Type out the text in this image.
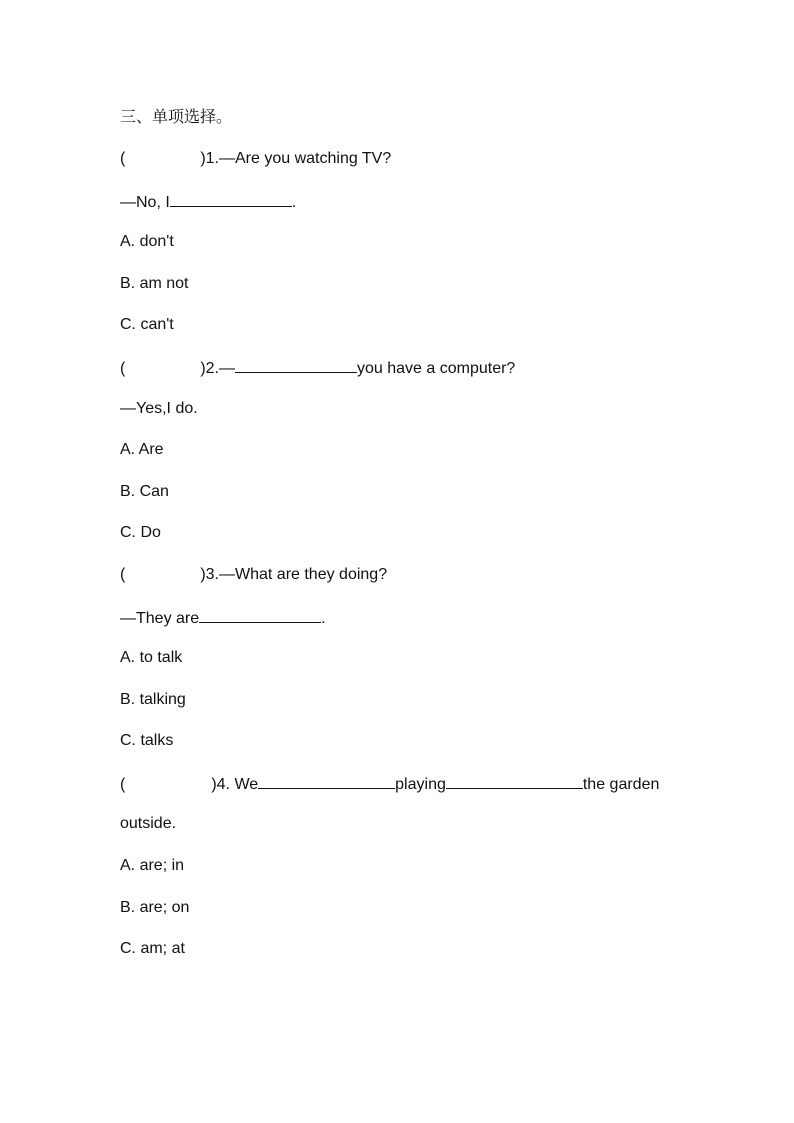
三、单项选择。
(	)1.—Are you watching TV?
—No, I	.
A. don't
B. am not
C. can't
(	)2.—	you have a computer?
—Yes,I do.
A. Are
B. Can
C. Do
(	)3.—What are they doing?
—They are	.
A. to talk
B. talking
C. talks
(	)4. We	playing	the garden
outside.
A. are; in
B. are; on
C. am; at
